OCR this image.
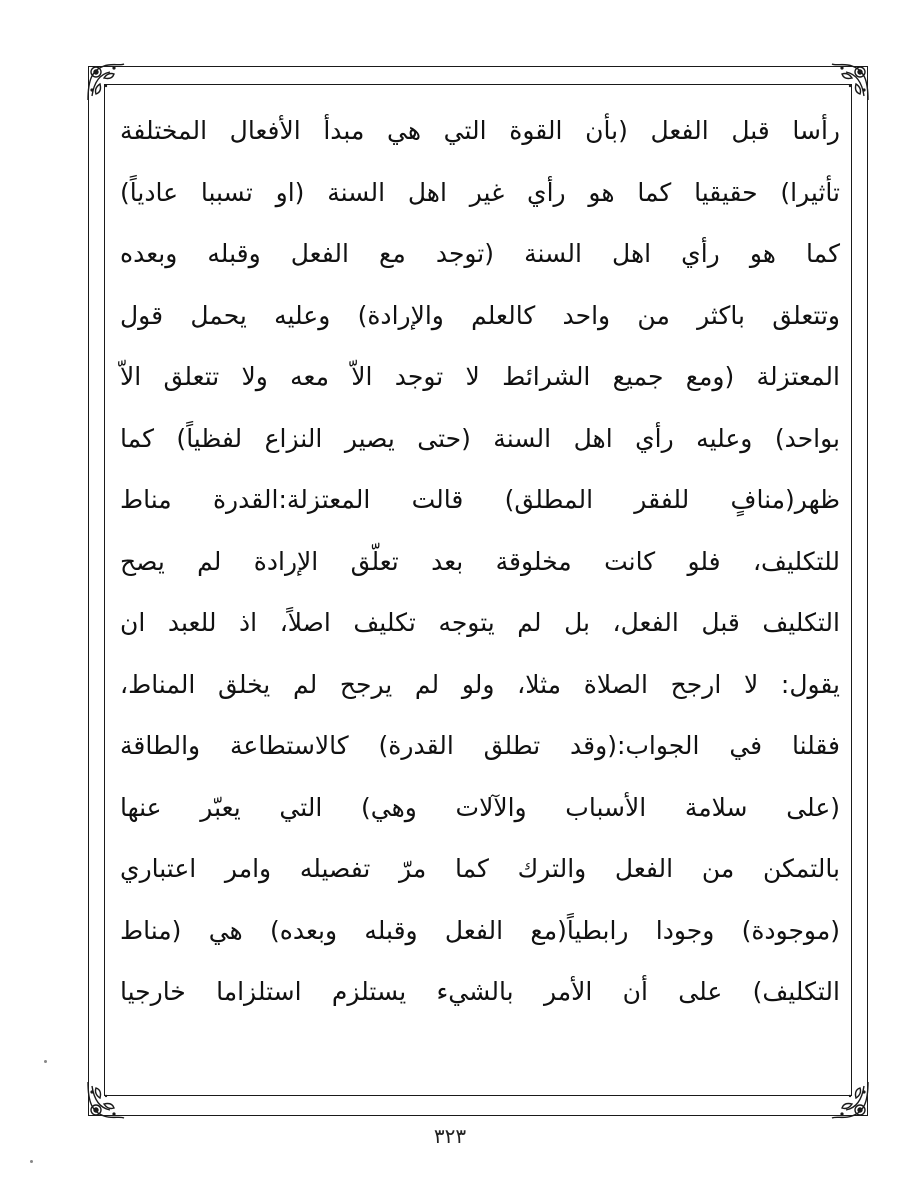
رأسا قبل الفعل (بأن القوة التي هي مبدأ الأفعال المختلفة
تأثيرا) حقيقيا كما هو رأي غير اهل السنة (او تسببا عادياً)
كما هو رأي اهل السنة (توجد مع الفعل وقبله وبعده
وتتعلق باكثر من واحد كالعلم والإرادة) وعليه يحمل قول
المعتزلة (ومع جميع الشرائط لا توجد الاّ معه ولا تتعلق الاّ
بواحد) وعليه رأي اهل السنة (حتى يصير النزاع لفظياً) كما
ظهر(منافٍ للفقر المطلق) قالت المعتزلة:القدرة مناط
للتكليف، فلو كانت مخلوقة بعد تعلّق الإرادة لم يصح
التكليف قبل الفعل، بل لم يتوجه تكليف اصلاً، اذ للعبد ان
يقول: لا ارجح الصلاة مثلا، ولو لم يرجح لم يخلق المناط،
فقلنا في الجواب:(وقد تطلق القدرة) كالاستطاعة والطاقة
(على سلامة الأسباب والآلات وهي) التي يعبّر عنها
بالتمكن من الفعل والترك كما مرّ تفصيله وامر اعتباري
(موجودة) وجودا رابطياً(مع الفعل وقبله وبعده) هي (مناط
التكليف) على أن الأمر بالشيء يستلزم استلزاما خارجيا
٣٢٣
